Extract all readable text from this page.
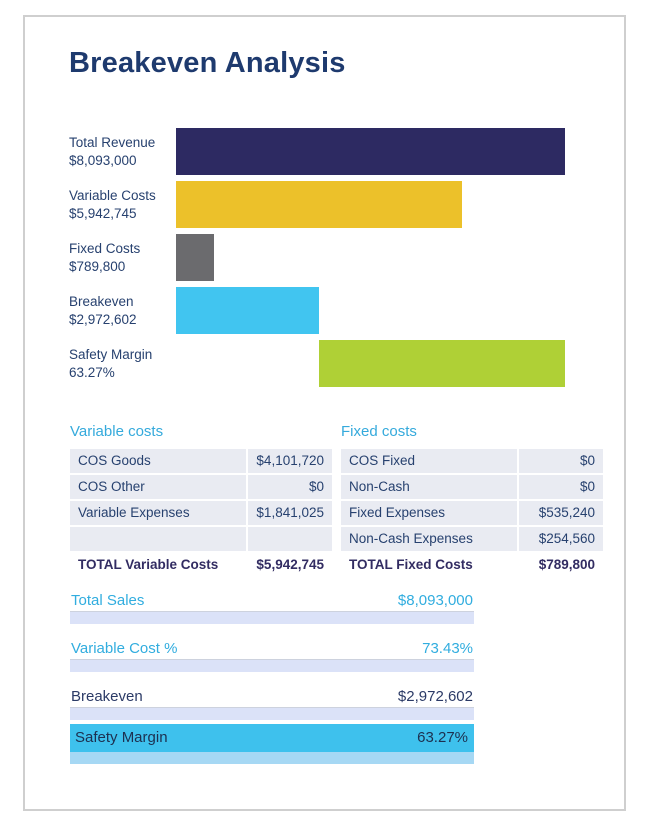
Breakeven Analysis
Total Revenue
$8,093,000
Variable Costs
$5,942,745
Fixed Costs
$789,800
Breakeven
$2,972,602
Safety Margin
63.27%
Variable costs
COS Goods	$4,101,720
COS Other	$0
Variable Expenses	$1,841,025
TOTAL Variable Costs	$5,942,745
Fixed costs
COS Fixed	$0
Non-Cash	$0
Fixed Expenses	$535,240
Non-Cash Expenses	$254,560
TOTAL Fixed Costs	$789,800
Total Sales	$8,093,000
Variable Cost %	73.43%
Breakeven	$2,972,602
Safety Margin	63.27%
